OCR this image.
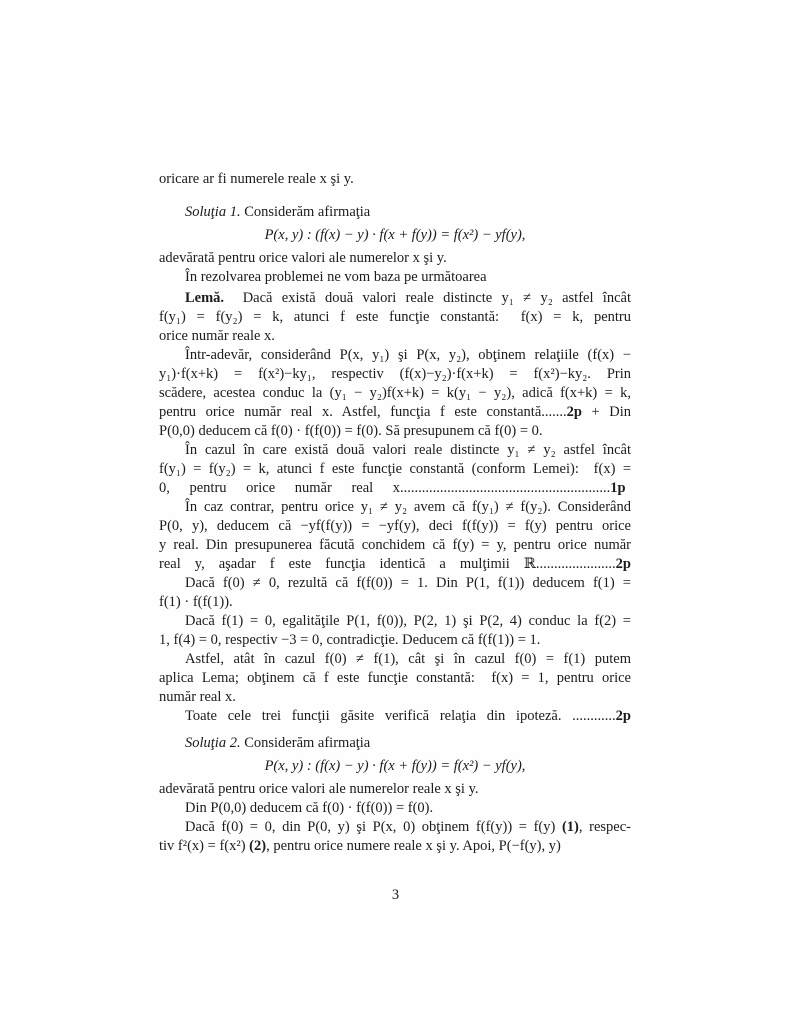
oricare ar fi numerele reale x şi y.
Soluţia 1. Considerăm afirmaţia
P(x, y) : (f(x) − y) · f(x + f(y)) = f(x²) − yf(y),
adevărată pentru orice valori ale numerelor x şi y.
În rezolvarea problemei ne vom baza pe următoarea
Lemă.  Dacă există două valori reale distincte y₁ ≠ y₂ astfel încât
f(y₁) = f(y₂) = k, atunci f este funcţie constantă:  f(x) = k, pentru
orice număr reale x.
Într-adevăr, considerând P(x, y₁) şi P(x, y₂), obţinem relaţiile (f(x) −
y₁)·f(x+k) = f(x²)−ky₁, respectiv (f(x)−y₂)·f(x+k) = f(x²)−ky₂. Prin
scădere, acestea conduc la (y₁ − y₂)f(x+k) = k(y₁ − y₂), adică f(x+k) = k,
pentru orice număr real x. Astfel, funcţia f este constantă.......2p + Din
P(0,0) deducem că f(0) · f(f(0)) = f(0). Să presupunem că f(0) = 0.
În cazul în care există două valori reale distincte y₁ ≠ y₂ astfel încât
f(y₁) = f(y₂) = k, atunci f este funcţie constantă (conform Lemei):  f(x) =
0, pentru orice număr real x..........................................................1p
În caz contrar, pentru orice y₁ ≠ y₂ avem că f(y₁) ≠ f(y₂). Considerând
P(0, y), deducem că −yf(f(y)) = −yf(y), deci f(f(y)) = f(y) pentru orice
y real. Din presupunerea făcută conchidem că f(y) = y, pentru orice număr
real y, aşadar f este funcţia identică a mulţimii ℝ......................2p
Dacă f(0) ≠ 0, rezultă că f(f(0)) = 1. Din P(1, f(1)) deducem f(1) =
f(1) · f(f(1)).
Dacă f(1) = 0, egalităţile P(1, f(0)), P(2, 1) şi P(2, 4) conduc la f(2) =
1, f(4) = 0, respectiv −3 = 0, contradicţie. Deducem că f(f(1)) = 1.
Astfel, atât în cazul f(0) ≠ f(1), cât şi în cazul f(0) = f(1) putem
aplica Lema; obţinem că f este funcţie constantă:  f(x) = 1, pentru orice
număr real x.
Toate cele trei funcţii găsite verifică relaţia din ipoteză. ............2p
Soluţia 2. Considerăm afirmaţia
P(x, y) : (f(x) − y) · f(x + f(y)) = f(x²) − yf(y),
adevărată pentru orice valori ale numerelor reale x şi y.
Din P(0,0) deducem că f(0) · f(f(0)) = f(0).
Dacă f(0) = 0, din P(0, y) şi P(x, 0) obţinem f(f(y)) = f(y) (1), respec-
tiv f²(x) = f(x²) (2), pentru orice numere reale x şi y. Apoi, P(−f(y), y)
3
